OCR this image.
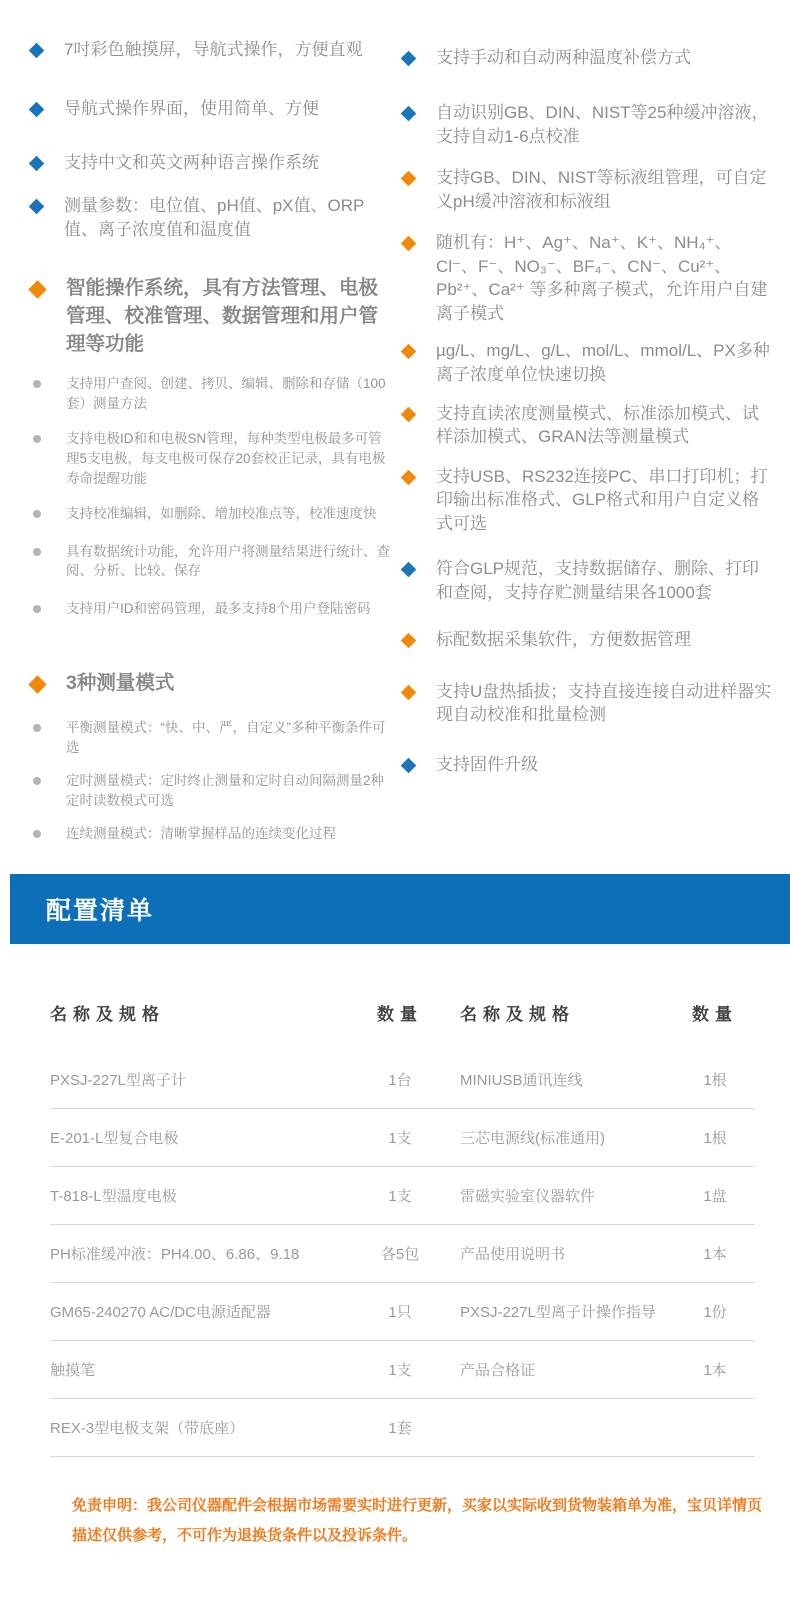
7吋彩色触摸屏，导航式操作，方便直观
导航式操作界面，使用简单、方便
支持中文和英文两种语言操作系统
测量参数：电位值、pH值、pX值、ORP值、离子浓度值和温度值
智能操作系统，具有方法管理、电极管理、校准管理、数据管理和用户管理等功能
支持用户查阅、创建、拷贝、编辑、删除和存储（100套）测量方法
支持电极ID和和电极SN管理，每种类型电极最多可管理5支电极，每支电极可保存20套校正记录，具有电极寿命提醒功能
支持校准编辑，如删除、增加校准点等，校准速度快
具有数据统计功能，允许用户将测量结果进行统计、查阅、分析、比较、保存
支持用户ID和密码管理，最多支持8个用户登陆密码
3种测量模式
平衡测量模式：“快、中、严，自定义”多种平衡条件可选
定时测量模式：定时终止测量和定时自动间隔测量2种定时读数模式可选
连续测量模式：清晰掌握样品的连续变化过程
支持手动和自动两种温度补偿方式
自动识别GB、DIN、NIST等25种缓冲溶液，支持自动1-6点校准
支持GB、DIN、NIST等标液组管理，可自定义pH缓冲溶液和标液组
随机有：H⁺、Ag⁺、Na⁺、K⁺、NH₄⁺、Cl⁻、F⁻、NO₃⁻、BF₄⁻、CN⁻、Cu²⁺、Pb²⁺、Ca²⁺ 等多种离子模式，允许用户自建离子模式
µg/L、mg/L、g/L、mol/L、mmol/L、PX多种离子浓度单位快速切换
支持直读浓度测量模式、标准添加模式、试样添加模式、GRAN法等测量模式
支持USB、RS232连接PC、串口打印机；打印输出标准格式、GLP格式和用户自定义格式可选
符合GLP规范，支持数据储存、删除、打印和查阅，支持存贮测量结果各1000套
标配数据采集软件，方便数据管理
支持U盘热插拔；支持直接连接自动进样器实现自动校准和批量检测
支持固件升级
配置清单
名称及规格	数量	名称及规格	数量
PXSJ-227L型离子计	1台	MINIUSB通讯连线	1根
E-201-L型复合电极	1支	三芯电源线(标准通用)	1根
T-818-L型温度电极	1支	雷磁实验室仪器软件	1盘
PH标准缓冲液：PH4.00、6.86、9.18	各5包	产品使用说明书	1本
GM65-240270 AC/DC电源适配器	1只	PXSJ-227L型离子计操作指导	1份
触摸笔	1支	产品合格证	1本
REX-3型电极支架（带底座）	1套
免责申明：我公司仪器配件会根据市场需要实时进行更新，买家以实际收到货物装箱单为准，宝贝详情页描述仅供参考，不可作为退换货条件以及投诉条件。
